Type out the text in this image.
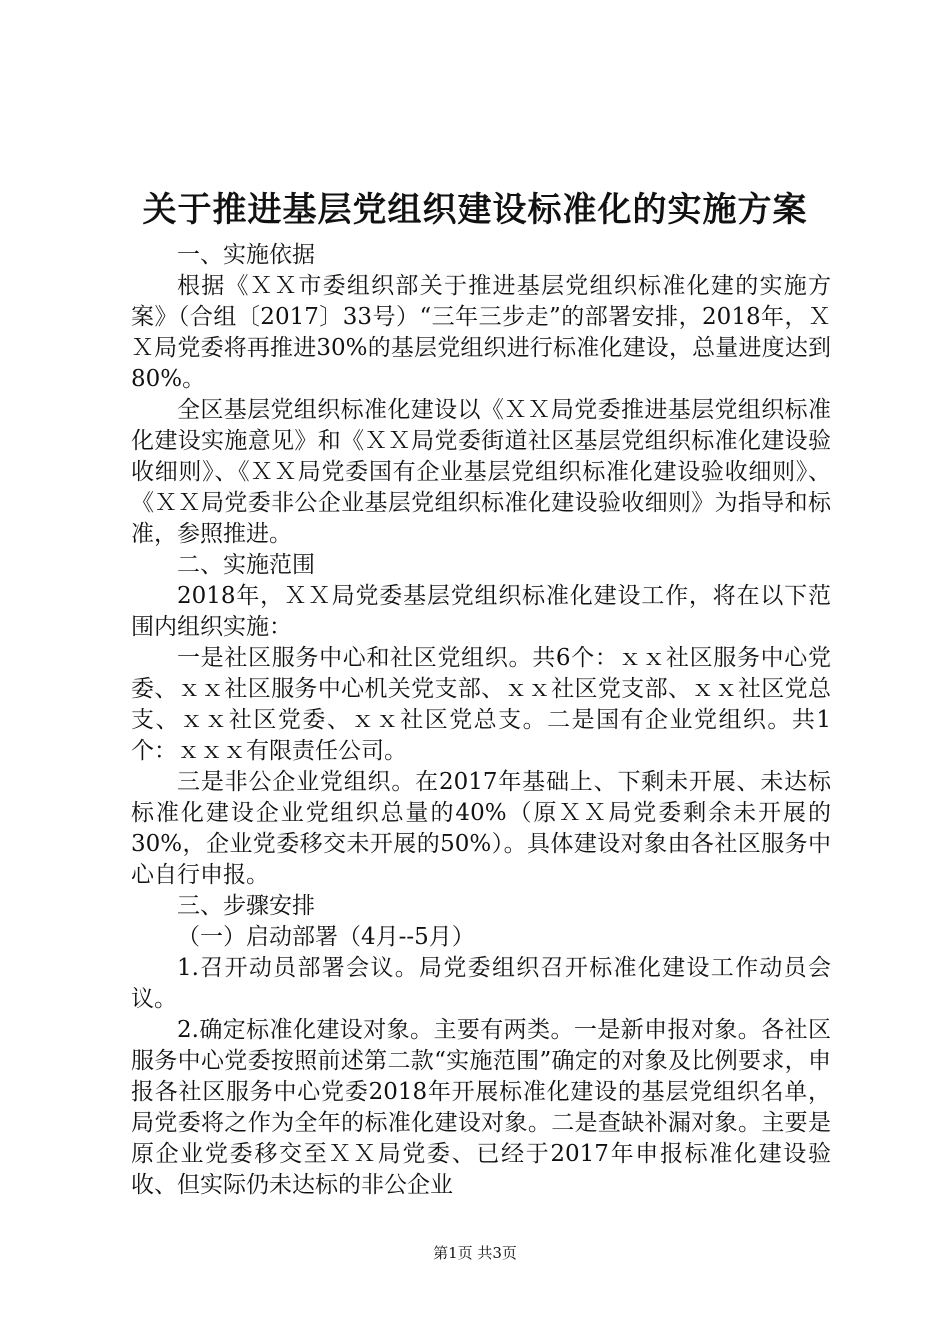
关于推进基层党组织建设标准化的实施方案

一、实施依据

根据《ＸＸ市委组织部关于推进基层党组织标准化建的实施方案》（合组〔2017〕33号）“三年三步走”的部署安排，2018年，ＸＸ局党委将再推进30%的基层党组织进行标准化建设，总量进度达到80%。

全区基层党组织标准化建设以《ＸＸ局党委推进基层党组织标准化建设实施意见》和《ＸＸ局党委街道社区基层党组织标准化建设验收细则》、《ＸＸ局党委国有企业基层党组织标准化建设验收细则》、《ＸＸ局党委非公企业基层党组织标准化建设验收细则》为指导和标准，参照推进。

二、实施范围

2018年，ＸＸ局党委基层党组织标准化建设工作，将在以下范围内组织实施：

一是社区服务中心和社区党组织。共6个：ｘｘ社区服务中心党委、ｘｘ社区服务中心机关党支部、ｘｘ社区党支部、ｘｘ社区党总支、ｘｘ社区党委、ｘｘ社区党总支。二是国有企业党组织。共1个：ｘｘｘ有限责任公司。

三是非公企业党组织。在2017年基础上、下剩未开展、未达标标准化建设企业党组织总量的40%（原ＸＸ局党委剩余未开展的30%，企业党委移交未开展的50%）。具体建设对象由各社区服务中心自行申报。

三、步骤安排

（一）启动部署（4月--5月）

1.召开动员部署会议。局党委组织召开标准化建设工作动员会议。

2.确定标准化建设对象。主要有两类。一是新申报对象。各社区服务中心党委按照前述第二款“实施范围”确定的对象及比例要求，申报各社区服务中心党委2018年开展标准化建设的基层党组织名单，局党委将之作为全年的标准化建设对象。二是查缺补漏对象。主要是原企业党委移交至ＸＸ局党委、已经于2017年申报标准化建设验收、但实际仍未达标的非公企业

第1页 共3页
